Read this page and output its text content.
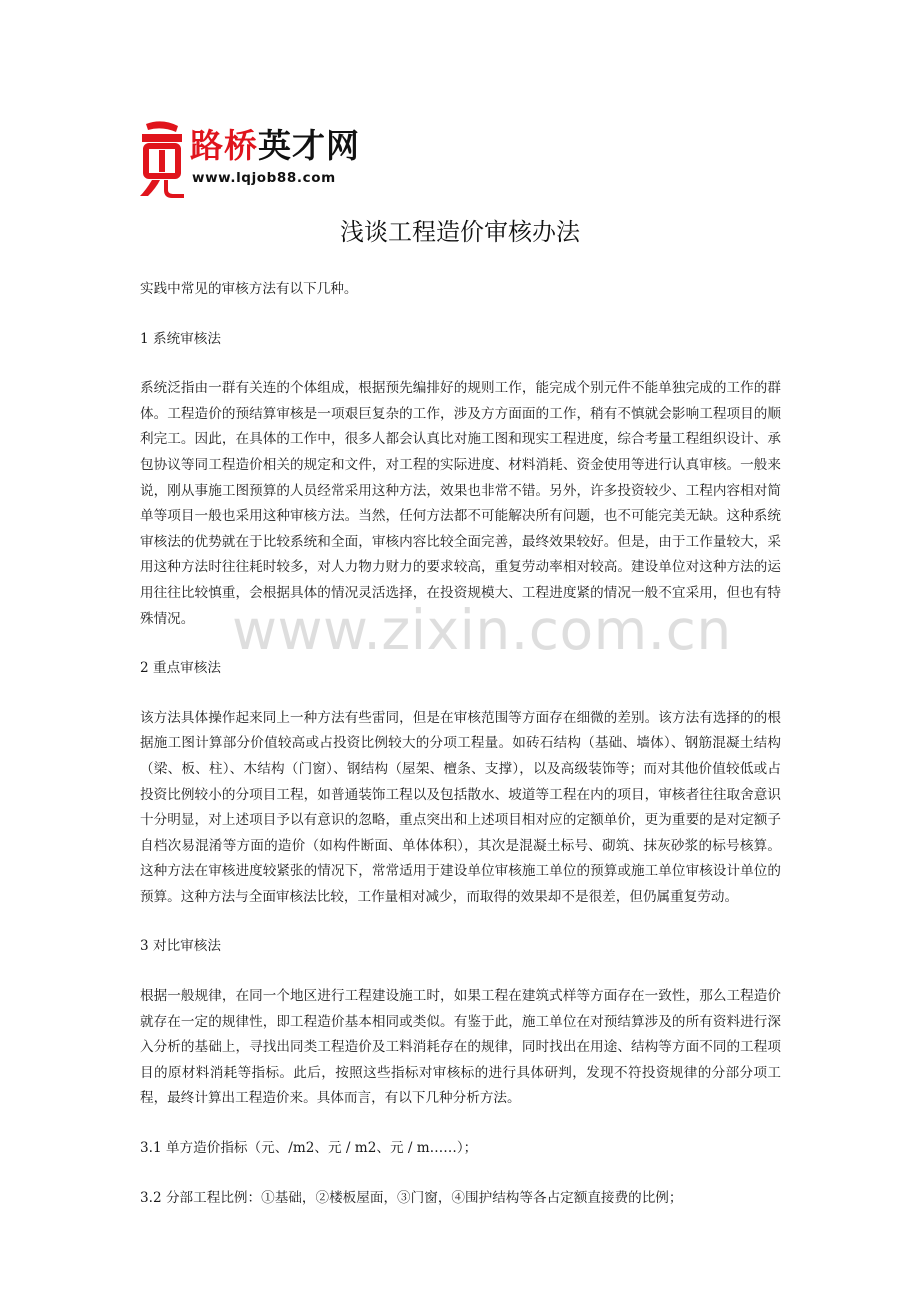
路桥英才网
www.lqjob88.com
www.zixin.com.cn
浅谈工程造价审核办法

实践中常见的审核方法有以下几种。

1 系统审核法

系统泛指由一群有关连的个体组成，根据预先编排好的规则工作，能完成个别元件不能单独完成的工作的群体。工程造价的预结算审核是一项艰巨复杂的工作，涉及方方面面的工作，稍有不慎就会影响工程项目的顺利完工。因此，在具体的工作中，很多人都会认真比对施工图和现实工程进度，综合考量工程组织设计、承包协议等同工程造价相关的规定和文件，对工程的实际进度、材料消耗、资金使用等进行认真审核。一般来说，刚从事施工图预算的人员经常采用这种方法，效果也非常不错。另外，许多投资较少、工程内容相对简单等项目一般也采用这种审核方法。当然，任何方法都不可能解决所有问题，也不可能完美无缺。这种系统审核法的优势就在于比较系统和全面，审核内容比较全面完善，最终效果较好。但是，由于工作量较大，采用这种方法时往往耗时较多，对人力物力财力的要求较高，重复劳动率相对较高。建设单位对这种方法的运用往往比较慎重，会根据具体的情况灵活选择，在投资规模大、工程进度紧的情况一般不宜采用，但也有特殊情况。

2 重点审核法

该方法具体操作起来同上一种方法有些雷同，但是在审核范围等方面存在细微的差别。该方法有选择的的根据施工图计算部分价值较高或占投资比例较大的分项工程量。如砖石结构（基础、墙体）、钢筋混凝土结构（梁、板、柱）、木结构（门窗）、钢结构（屋架、檀条、支撑），以及高级装饰等；而对其他价值较低或占投资比例较小的分项目工程，如普通装饰工程以及包括散水、坡道等工程在内的项目，审核者往往取舍意识十分明显，对上述项目予以有意识的忽略，重点突出和上述项目相对应的定额单价，更为重要的是对定额子自档次易混淆等方面的造价（如构件断面、单体体积），其次是混凝土标号、砌筑、抹灰砂浆的标号核算。这种方法在审核进度较紧张的情况下，常常适用于建设单位审核施工单位的预算或施工单位审核设计单位的预算。这种方法与全面审核法比较，工作量相对减少，而取得的效果却不是很差，但仍属重复劳动。

3 对比审核法

根据一般规律，在同一个地区进行工程建设施工时，如果工程在建筑式样等方面存在一致性，那么工程造价就存在一定的规律性，即工程造价基本相同或类似。有鉴于此，施工单位在对预结算涉及的所有资料进行深入分析的基础上，寻找出同类工程造价及工料消耗存在的规律，同时找出在用途、结构等方面不同的工程项目的原材料消耗等指标。此后，按照这些指标对审核标的进行具体研判，发现不符投资规律的分部分项工程，最终计算出工程造价来。具体而言，有以下几种分析方法。

3.1 单方造价指标（元、/m2、元 / m2、元 / m……）；

3.2 分部工程比例：①基础，②楼板屋面，③门窗，④围护结构等各占定额直接费的比例；
